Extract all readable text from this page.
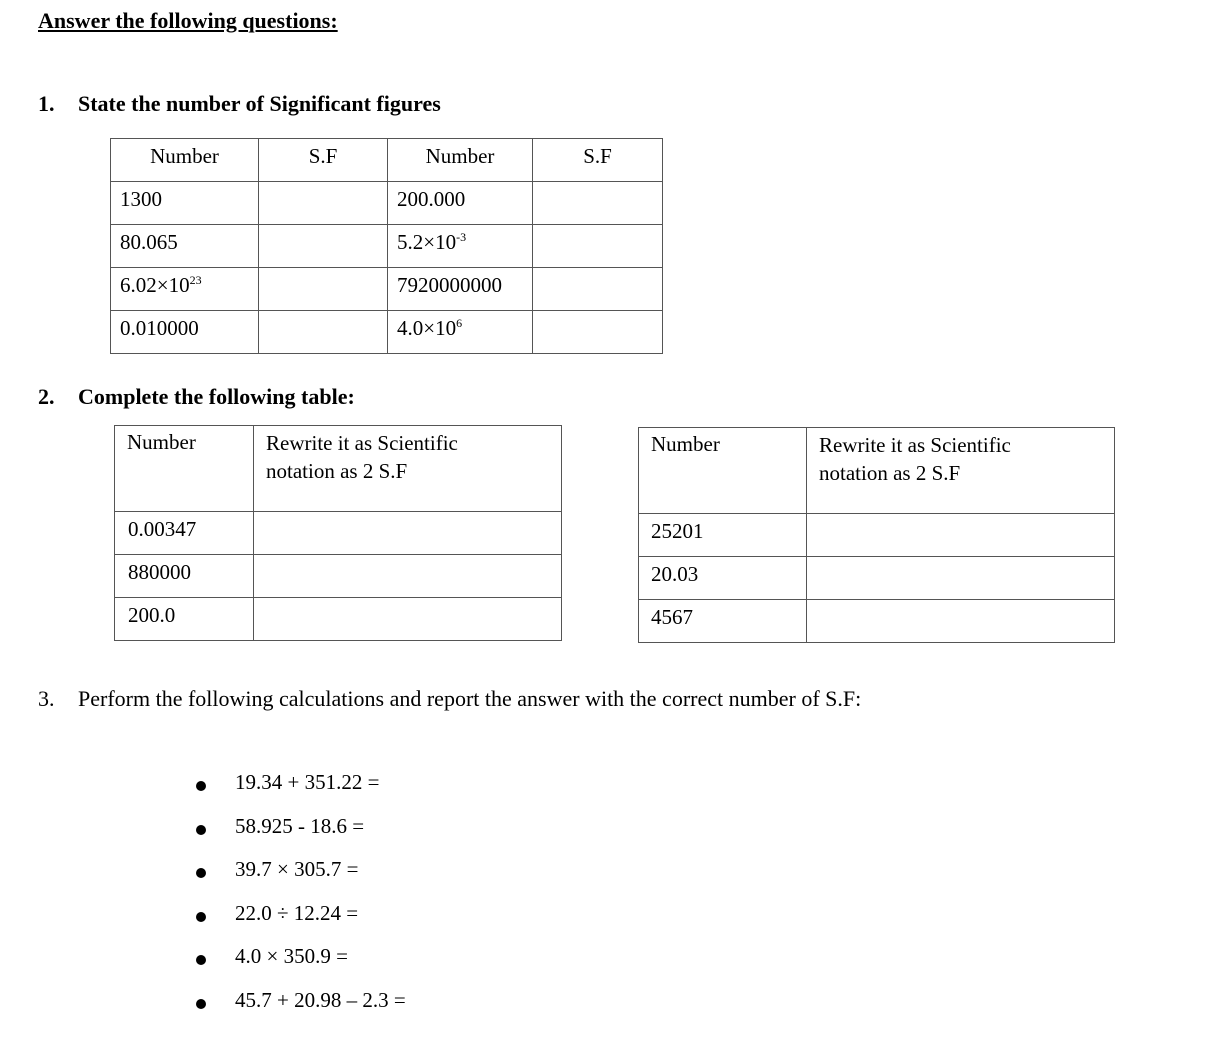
Answer the following questions:
1. State the number of Significant figures
Number	S.F	Number	S.F

1300		200.000	

80.065		$5.2\times 10^{-3}$

$6.02\times 10^{23}$		7920000000	

0.010000		$4.0\times 10^6$

2. Complete the following table:
Number	Rewrite it as Scientific
notation as 2 S.F

0.00347	

880000	

200.0	

Number	Rewrite it as Scientific
notation as 2 S.F

25201	

20.03	

4567	

3. Perform the following calculations and report the answer with the correct number of S.F:
19.34 + 351.22 =
58.925 - 18.6 =
39.7 × 305.7 =
22.0 ÷ 12.24 =
4.0 × 350.9 =
45.7 + 20.98 – 2.3 =
